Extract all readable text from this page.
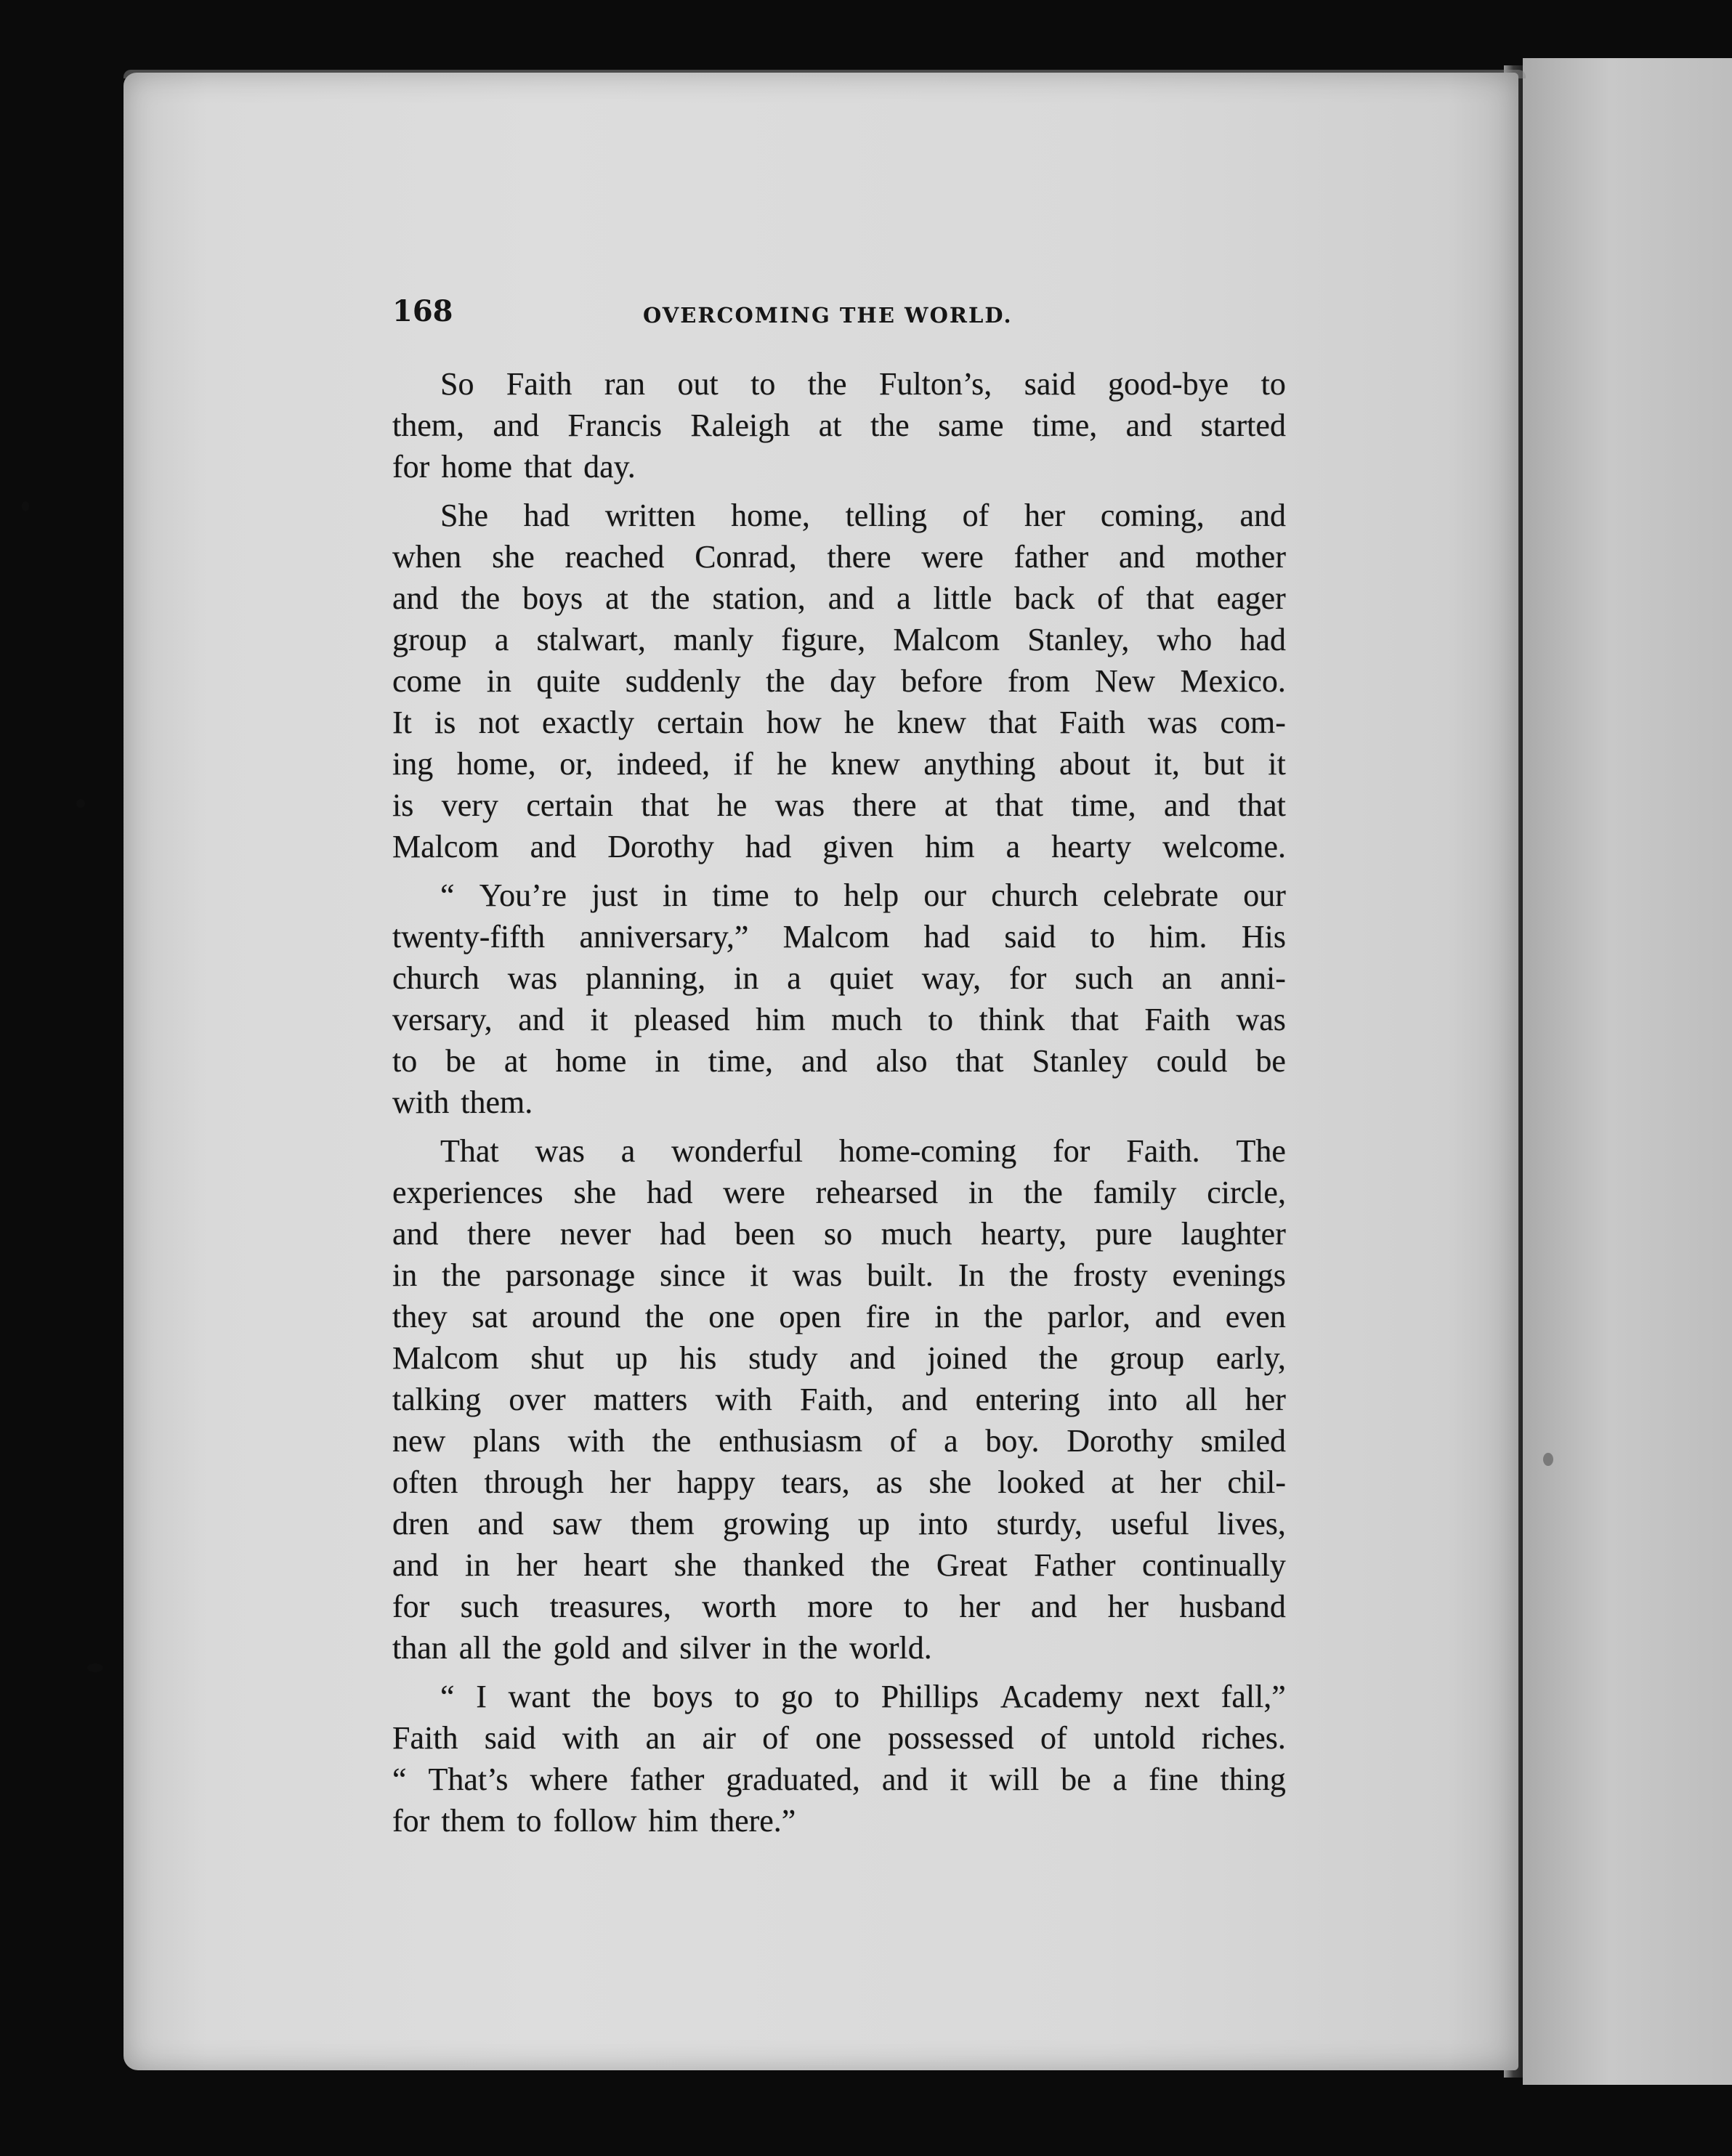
168	OVERCOMING THE WORLD.
So Faith ran out to the Fulton’s, said good-bye to
them, and Francis Raleigh at the same time, and started
for home that day.
She had written home, telling of her coming, and
when she reached Conrad, there were father and mother
and the boys at the station, and a little back of that eager
group a stalwart, manly figure, Malcom Stanley, who had
come in quite suddenly the day before from New Mexico.
It is not exactly certain how he knew that Faith was com-
ing home, or, indeed, if he knew anything about it, but it
is very certain that he was there at that time, and that
Malcom and Dorothy had given him a hearty welcome.
“ You’re just in time to help our church celebrate our
twenty-fifth anniversary,” Malcom had said to him. His
church was planning, in a quiet way, for such an anni-
versary, and it pleased him much to think that Faith was
to be at home in time, and also that Stanley could be
with them.
That was a wonderful home-coming for Faith. The
experiences she had were rehearsed in the family circle,
and there never had been so much hearty, pure laughter
in the parsonage since it was built. In the frosty evenings
they sat around the one open fire in the parlor, and even
Malcom shut up his study and joined the group early,
talking over matters with Faith, and entering into all her
new plans with the enthusiasm of a boy. Dorothy smiled
often through her happy tears, as she looked at her chil-
dren and saw them growing up into sturdy, useful lives,
and in her heart she thanked the Great Father continually
for such treasures, worth more to her and her husband
than all the gold and silver in the world.
“ I want the boys to go to Phillips Academy next fall,”
Faith said with an air of one possessed of untold riches.
“ That’s where father graduated, and it will be a fine thing
for them to follow him there.”
